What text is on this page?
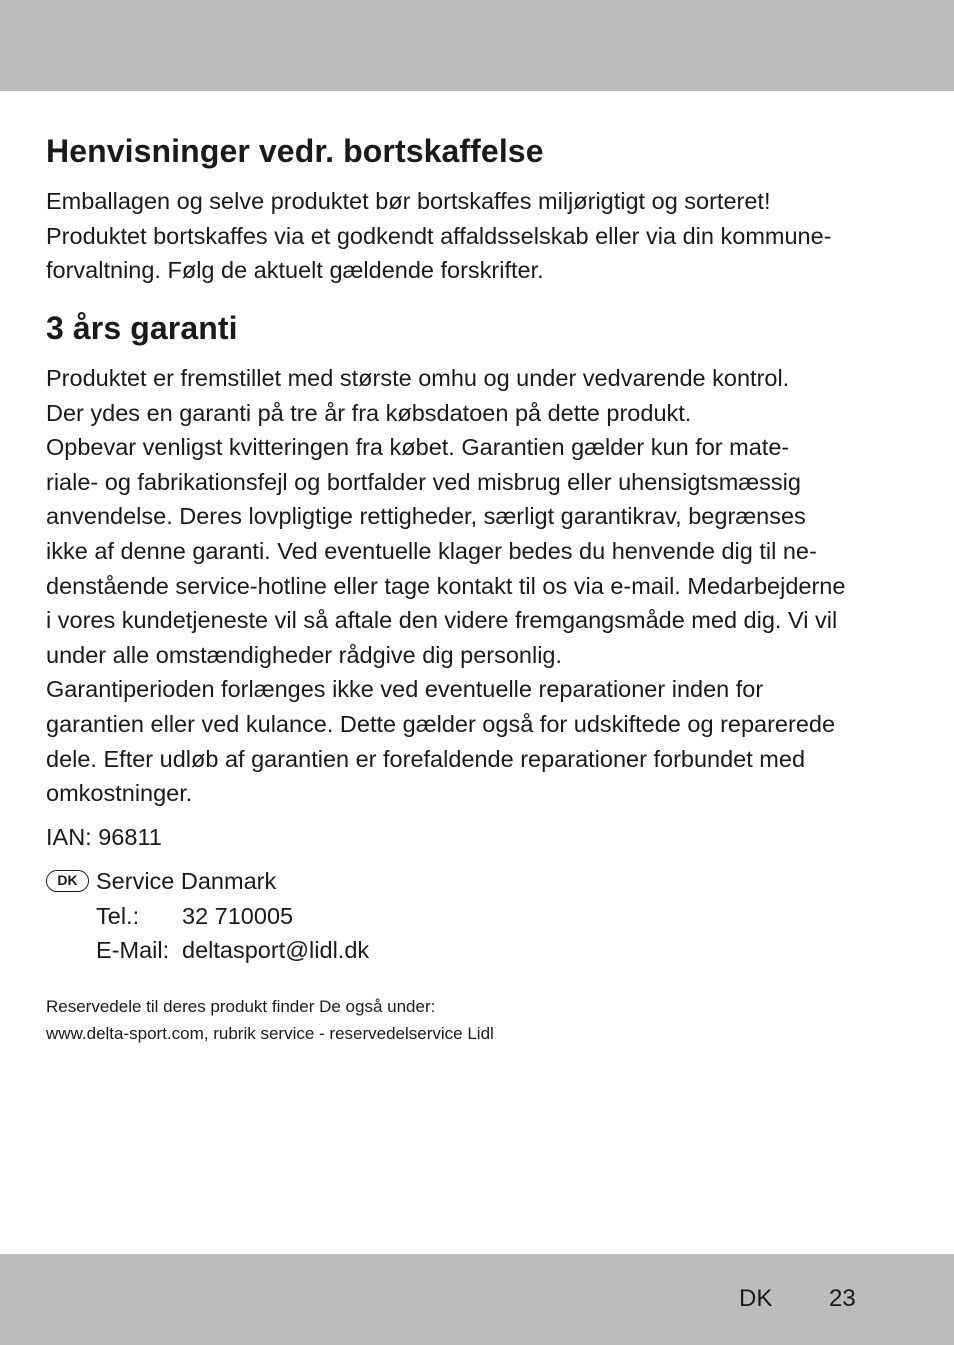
Henvisninger vedr. bortskaffelse
Emballagen og selve produktet bør bortskaffes miljørigtigt og sorteret!
Produktet bortskaffes via et godkendt affaldsselskab eller via din kommune-
forvaltning. Følg de aktuelt gældende forskrifter.
3 års garanti
Produktet er fremstillet med største omhu og under vedvarende kontrol.
Der ydes en garanti på tre år fra købsdatoen på dette produkt.
Opbevar venligst kvitteringen fra købet. Garantien gælder kun for mate-
riale- og fabrikationsfejl og bortfalder ved misbrug eller uhensigtsmæssig
anvendelse. Deres lovpligtige rettigheder, særligt garantikrav, begrænses
ikke af denne garanti. Ved eventuelle klager bedes du henvende dig til ne-
denstående service-hotline eller tage kontakt til os via e-mail. Medarbejderne
i vores kundetjeneste vil så aftale den videre fremgangsmåde med dig. Vi vil
under alle omstændigheder rådgive dig personlig.
Garantiperioden forlænges ikke ved eventuelle reparationer inden for
garantien eller ved kulance. Dette gælder også for udskiftede og reparerede
dele. Efter udløb af garantien er forefaldende reparationer forbundet med
omkostninger.

IAN: 96811

DK Service Danmark

Tel.: 32 710005

E-Mail: deltasport@lidl.dk

Reservedele til deres produkt finder De også under:
www.delta-sport.com, rubrik service - reservedelservice Lidl
DK 23
